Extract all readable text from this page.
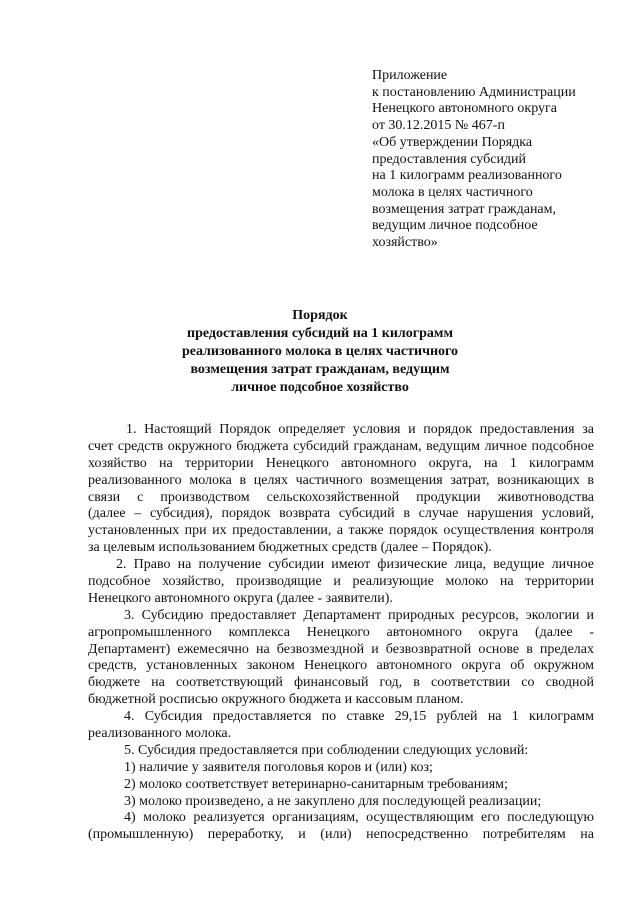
Приложение
к постановлению Администрации
Ненецкого автономного округа
от 30.12.2015 № 467-п
«Об утверждении Порядка
предоставления субсидий
на 1 килограмм реализованного
молока в целях частичного
возмещения затрат гражданам,
ведущим личное подсобное
хозяйство»
Порядок
предоставления субсидий на 1 килограмм
реализованного молока в целях частичного
возмещения затрат гражданам, ведущим
личное подсобное хозяйство
1. Настоящий Порядок определяет условия и порядок предоставления за
счет средств окружного бюджета субсидий гражданам, ведущим личное подсобное
хозяйство на территории Ненецкого автономного округа, на 1 килограмм
реализованного молока в целях частичного возмещения затрат, возникающих в
связи с производством сельскохозяйственной продукции животноводства
(далее – субсидия), порядок возврата субсидий в случае нарушения условий,
установленных при их предоставлении, а также порядок осуществления контроля
за целевым использованием бюджетных средств (далее – Порядок).
2. Право на получение субсидии имеют физические лица, ведущие личное
подсобное хозяйство, производящие и реализующие молоко на территории
Ненецкого автономного округа (далее - заявители).
3. Субсидию предоставляет Департамент природных ресурсов, экологии и
агропромышленного комплекса Ненецкого автономного округа (далее -
Департамент) ежемесячно на безвозмездной и безвозвратной основе в пределах
средств, установленных законом Ненецкого автономного округа об окружном
бюджете на соответствующий финансовый год, в соответствии со сводной
бюджетной росписью окружного бюджета и кассовым планом.
4. Субсидия предоставляется по ставке 29,15 рублей на 1 килограмм
реализованного молока.
5. Субсидия предоставляется при соблюдении следующих условий:
1) наличие у заявителя поголовья коров и (или) коз;
2) молоко соответствует ветеринарно-санитарным требованиям;
3) молоко произведено, а не закуплено для последующей реализации;
4) молоко реализуется организациям, осуществляющим его последующую
(промышленную) переработку, и (или) непосредственно потребителям на
